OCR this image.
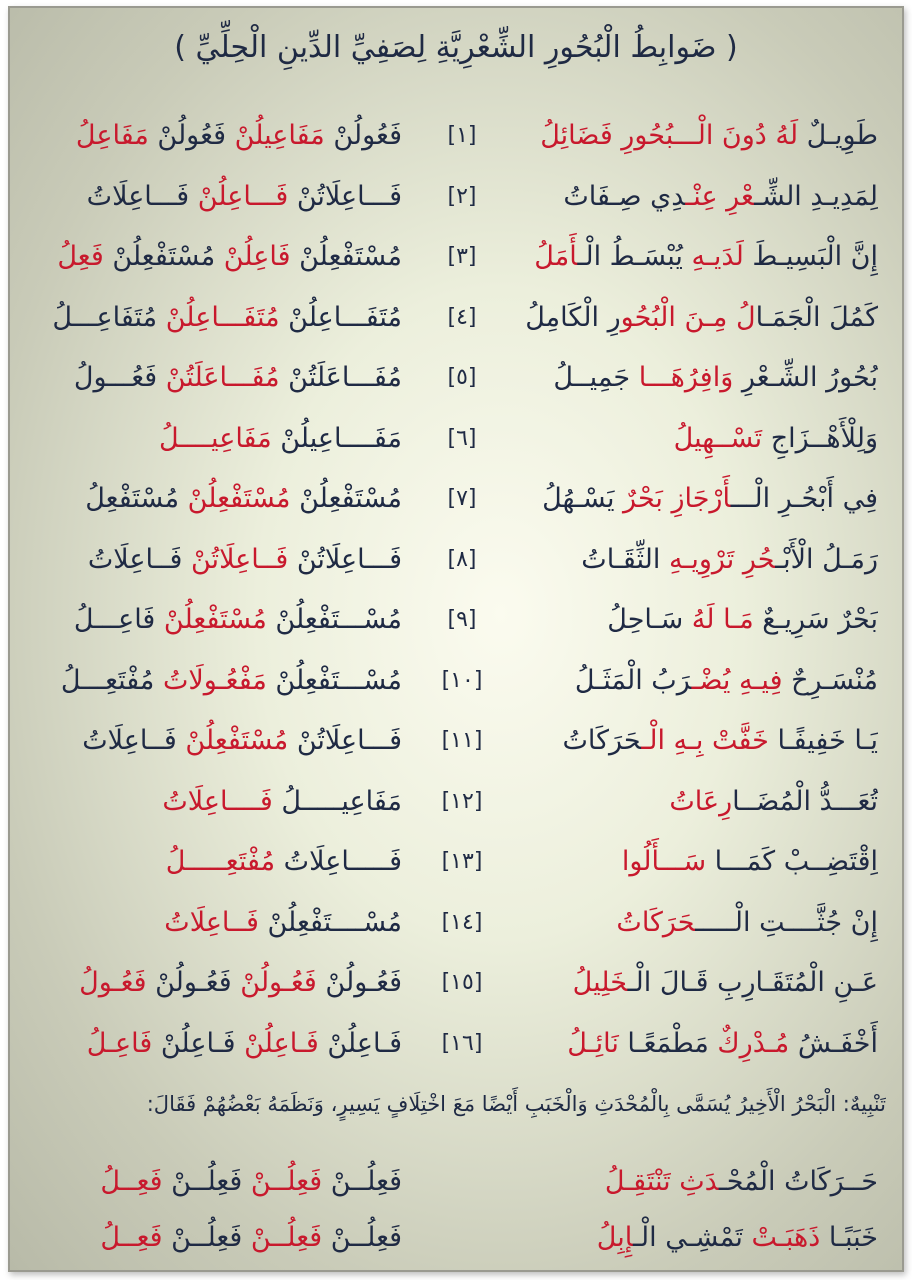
( ضَوابِطُ الْبُحُورِ الشِّعْرِيَّةِ لِصَفِيِّ الدِّينِ الْحِلِّيِّ )
طَوِيـلٌ لَهُ دُونَ الْـــبُحُورِ فَضَائِلُ
[١]
فَعُولُنْ مَفَاعِيلُنْ فَعُولُنْ مَفَاعِلُ
لِمَدِيـدِ الشِّـعْرِ عِنْـدِي صِـفَاتُ
[٢]
فَـــاعِلَاتُنْ فَـــاعِلُنْ فَـــاعِلَاتُ
إِنَّ الْبَسِيـطَ لَدَيـهِ يُبْسَـطُ الْـأَمَلُ
[٣]
مُسْتَفْعِلُنْ فَاعِلُنْ مُسْتَفْعِلُنْ فَعِلُ
كَمُلَ الْجَمَـالُ مِـنَ الْبُحُورِ الْكَامِلُ
[٤]
مُتَفَـــاعِلُنْ مُتَفَـــاعِلُنْ مُتَفَاعِـــلُ
بُحُورُ الشِّـعْرِ وَافِرُهَـــا جَمِيــلُ
[٥]
مُفَـــاعَلَتُنْ مُفَـــاعَلَتُنْ فَعُـــولُ
وَلِلْأَهْــزَاجِ تَسْــهِيلُ
[٦]
مَفَــــاعِيلُنْ مَفَاعِيــــلُ
فِي أَبْحُـرِ الْـــأَرْجَازِ بَحْرٌ يَسْـهُلُ
[٧]
مُسْتَفْعِلُنْ مُسْتَفْعِلُنْ مُسْتَفْعِلُ
رَمَـلُ الْأَبْـحُرِ تَرْوِيـهِ الثِّقَـاتُ
[٨]
فَـــاعِلَاتُنْ فَــاعِلَاتُنْ فَــاعِلَاتُ
بَحْرٌ سَرِيـعٌ مَـا لَهُ سَـاحِلُ
[٩]
مُسْـــتَفْعِلُنْ مُسْتَفْعِلُنْ فَاعِـــلُ
مُنْسَـرِحٌ فِيـهِ يُضْـرَبُ الْمَثَـلُ
[١٠]
مُسْـــتَفْعِلُنْ مَفْعُـولَاتُ مُفْتَعِـــلُ
يَـا خَفِيفًـا خَفَّتْ بِـهِ الْـحَرَكَاتُ
[١١]
فَـــاعِلَاتُنْ مُسْتَفْعِلُنْ فَــاعِلَاتُ
تُعَـــدُّ الْمُضَــارِعَاتُ
[١٢]
مَفَاعِيـــــلُ فَــــاعِلَاتُ
اِقْتَضِــبْ كَمَـــا سَـــأَلُوا
[١٣]
فَـــــاعِلَاتُ مُفْتَعِـــــلُ
إِنْ جُثَّــــتِ الْـــــحَرَكَاتُ
[١٤]
مُسْــــتَفْعِلُنْ فَــاعِلَاتُ
عَـنِ الْمُتَقَـارِبِ قَـالَ الْـخَلِيلُ
[١٥]
فَعُـولُنْ فَعُـولُنْ فَعُـولُنْ فَعُـولُ
أَخْفَـشُ مُـدْرِكٌ مَطْمَعًـا نَائِـلُ
[١٦]
فَـاعِلُنْ فَـاعِلُنْ فَـاعِلُنْ فَاعِـلُ
تَنْبِيهٌ: الْبَحْرُ الْأَخِيرُ يُسَمَّى بِالْمُحْدَثِ وَالْخَبَبِ أَيْضًا مَعَ اخْتِلَافٍ يَسِيرٍ، وَنَظَمَهُ بَعْضُهُمْ فَقَالَ:
حَــرَكَاتُ الْمُحْـدَثِ تَنْتَقِـلُ
فَعِلُــنْ فَعِلُــنْ فَعِلُــنْ فَعِــلُ
خَبَبًـا ذَهَبَـتْ تَمْشِـي الْـإِبِلُ
فَعِلُــنْ فَعِلُــنْ فَعِلُــنْ فَعِــلُ
